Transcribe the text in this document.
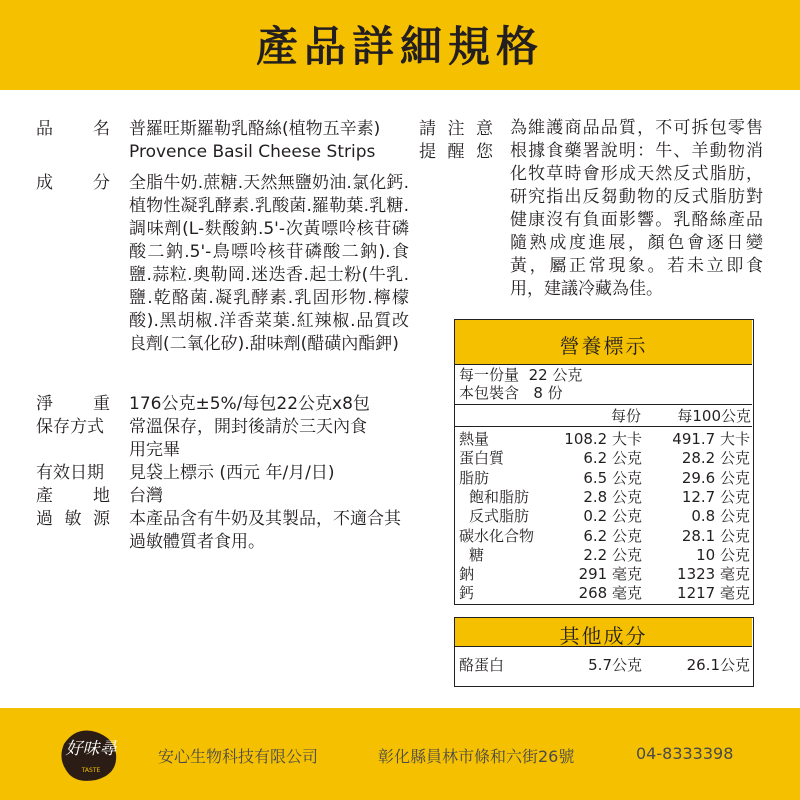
產品詳細規格
品 名 普羅旺斯羅勒乳酪絲(植物五辛素)
Provence Basil Cheese Strips
成 分 全脂牛奶.蔗糖.天然無鹽奶油.氯化鈣.植物性凝乳酵素.乳酸菌.羅勒葉.乳糖.調味劑(L-麩酸鈉.5'-次黃嘌呤核苷磷酸二鈉.5'-鳥嘌呤核苷磷酸二鈉).食鹽.蒜粒.奧勒岡.迷迭香.起士粉(牛乳.鹽.乾酪菌.凝乳酵素.乳固形物.檸檬酸).黑胡椒.洋香菜葉.紅辣椒.品質改良劑(二氧化矽).甜味劑(醋磺內酯鉀)
淨 重 176公克±5%/每包22公克x8包
保存方式 常溫保存，開封後請於三天內食用完畢
有效日期 見袋上標示 (西元 年/月/日)
產 地 台灣
過 敏 源 本產品含有牛奶及其製品，不適合其過敏體質者食用。
請 注 意
提 醒 您
為維護商品品質，不可拆包零售根據食藥署說明：牛、羊動物消化牧草時會形成天然反式脂肪，研究指出反芻動物的反式脂肪對健康沒有負面影響。乳酪絲產品隨熟成度進展，顏色會逐日變黃，屬正常現象。若未立即食用，建議冷藏為佳。
營養標示
每一份量 22 公克
本包裝含 8 份
每份 每100公克
熱量	108.2 大卡 491.7 大卡
蛋白質	6.2 公克	28.2 公克
脂肪	6.5 公克	29.6 公克
飽和脂肪	2.8 公克	12.7 公克
反式脂肪	0.2 公克	0.8 公克
碳水化合物	6.2 公克	28.1 公克
糖	2.2 公克	10 公克
鈉	291 毫克 1323 毫克
鈣	268 毫克 1217 毫克
其他成分
酪蛋白	5.7公克	26.1公克
好味尋
TASTE
安心生物科技有限公司	彰化縣員林市條和六街26號	04-8333398
